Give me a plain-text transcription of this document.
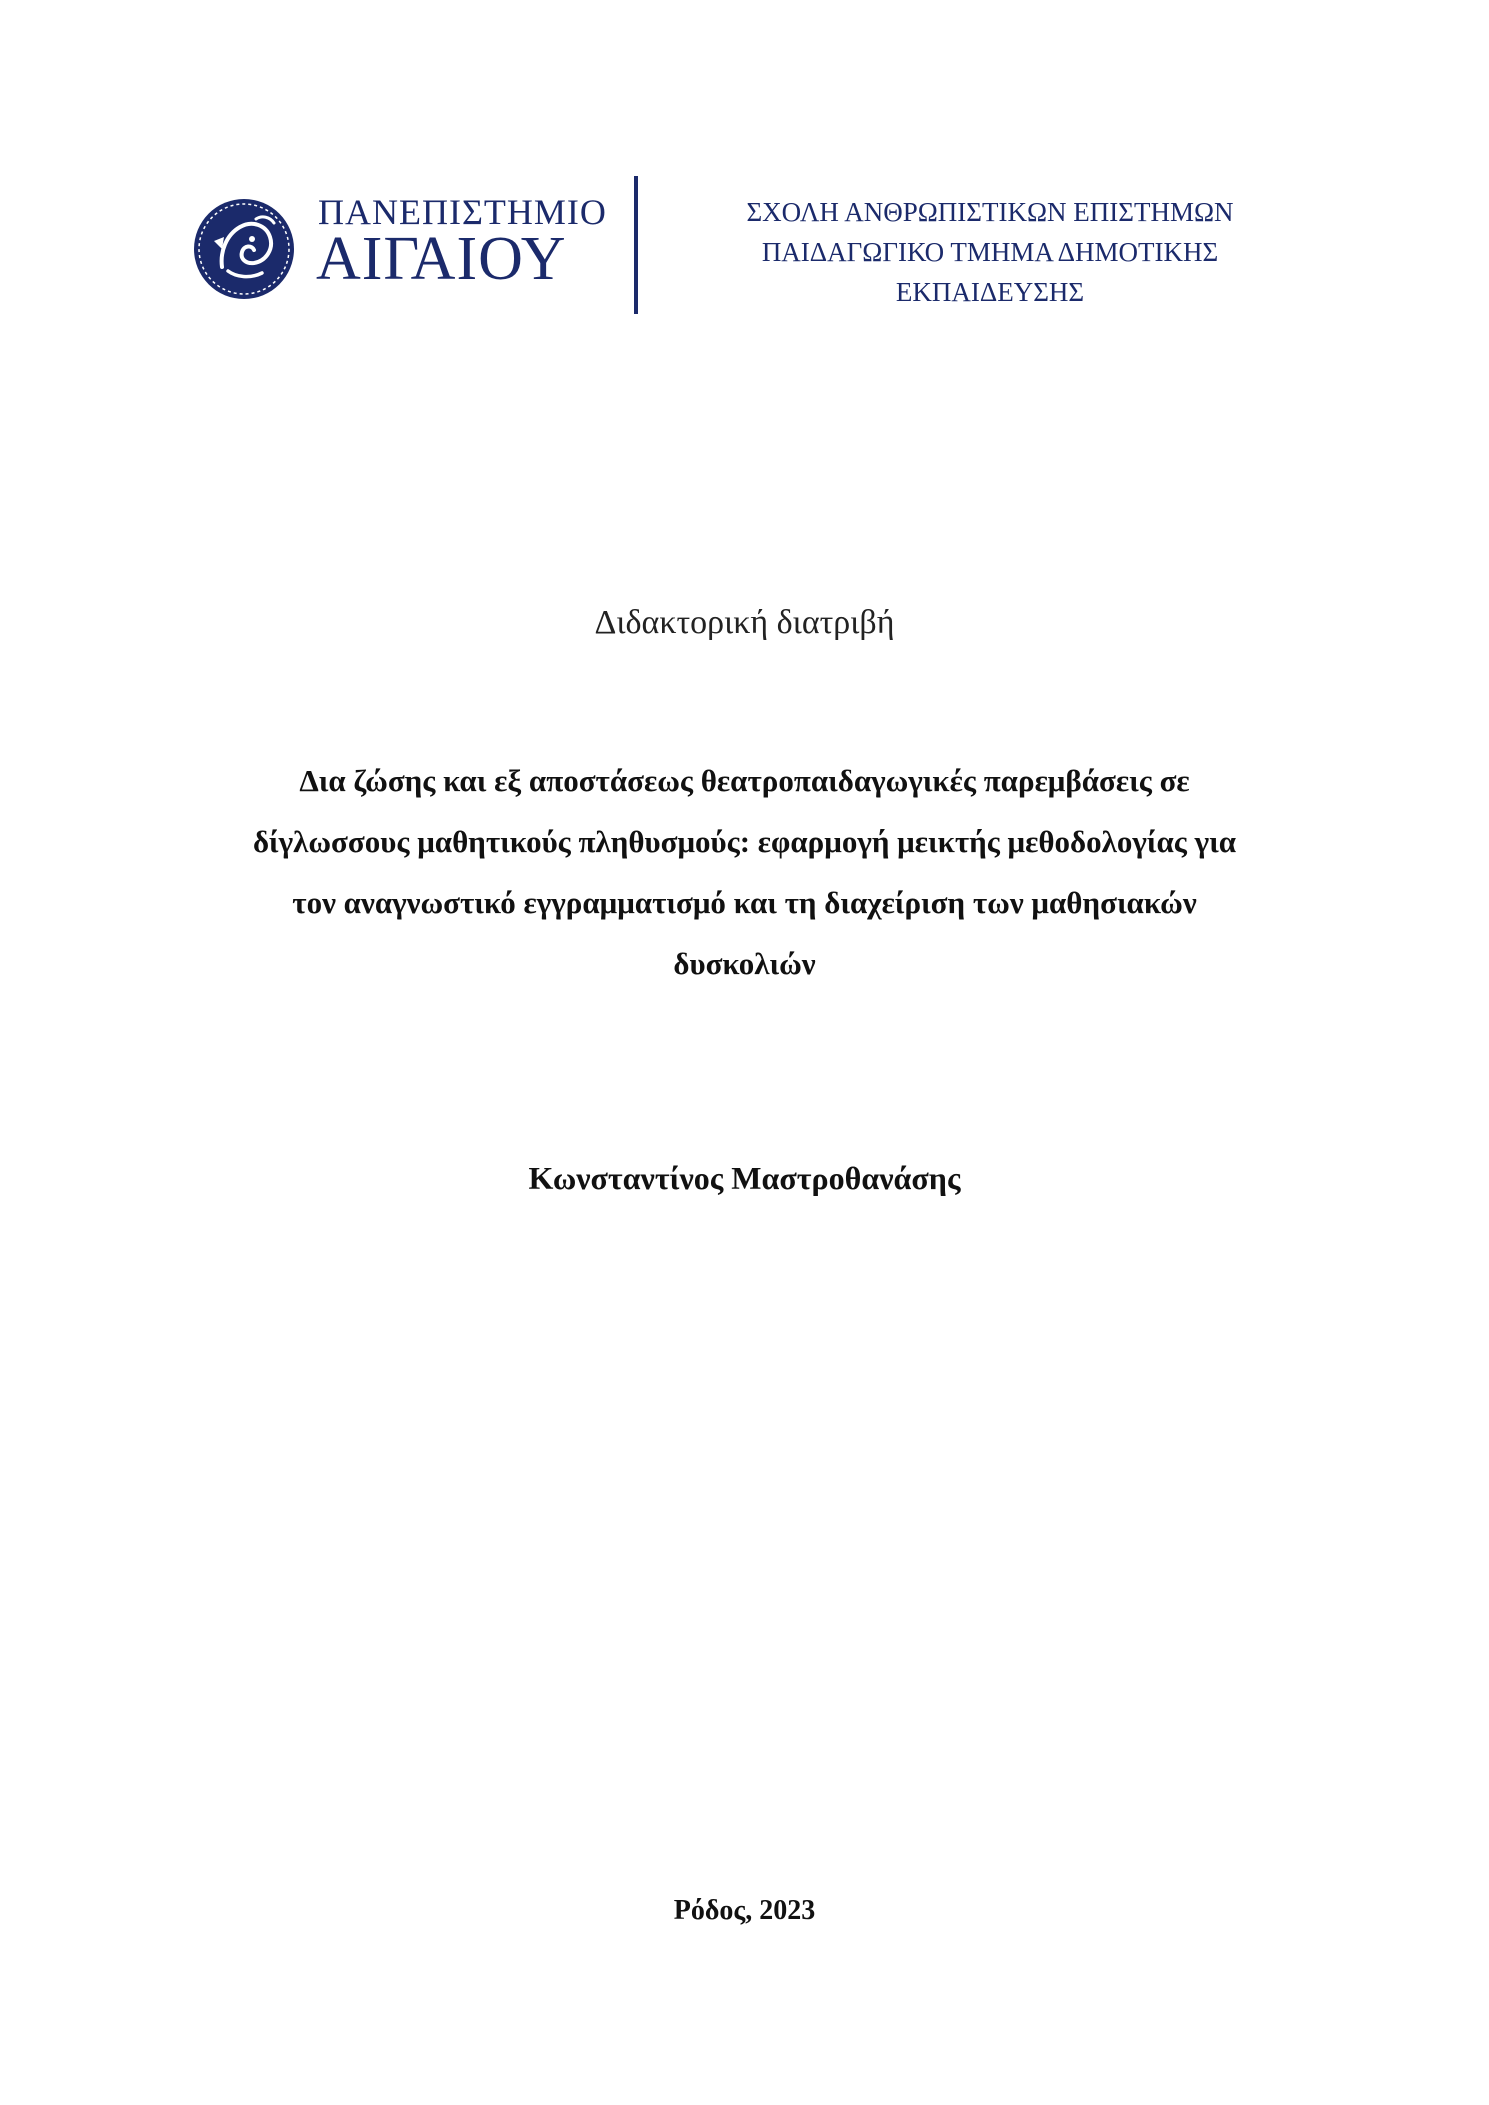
ΠΑΝΕΠΙΣΤΗΜΙΟ
ΑΙΓΑΙΟΥ
ΣΧΟΛΗ ΑΝΘΡΩΠΙΣΤΙΚΩΝ ΕΠΙΣΤΗΜΩΝ
ΠΑΙΔΑΓΩΓΙΚΟ ΤΜΗΜΑ ΔΗΜΟΤΙΚΗΣ
ΕΚΠΑΙΔΕΥΣΗΣ
Διδακτορική διατριβή
Δια ζώσης και εξ αποστάσεως θεατροπαιδαγωγικές παρεμβάσεις σε
δίγλωσσους μαθητικούς πληθυσμούς: εφαρμογή μεικτής μεθοδολογίας για
τον αναγνωστικό εγγραμματισμό και τη διαχείριση των μαθησιακών
δυσκολιών
Κωνσταντίνος Μαστροθανάσης
Ρόδος, 2023
